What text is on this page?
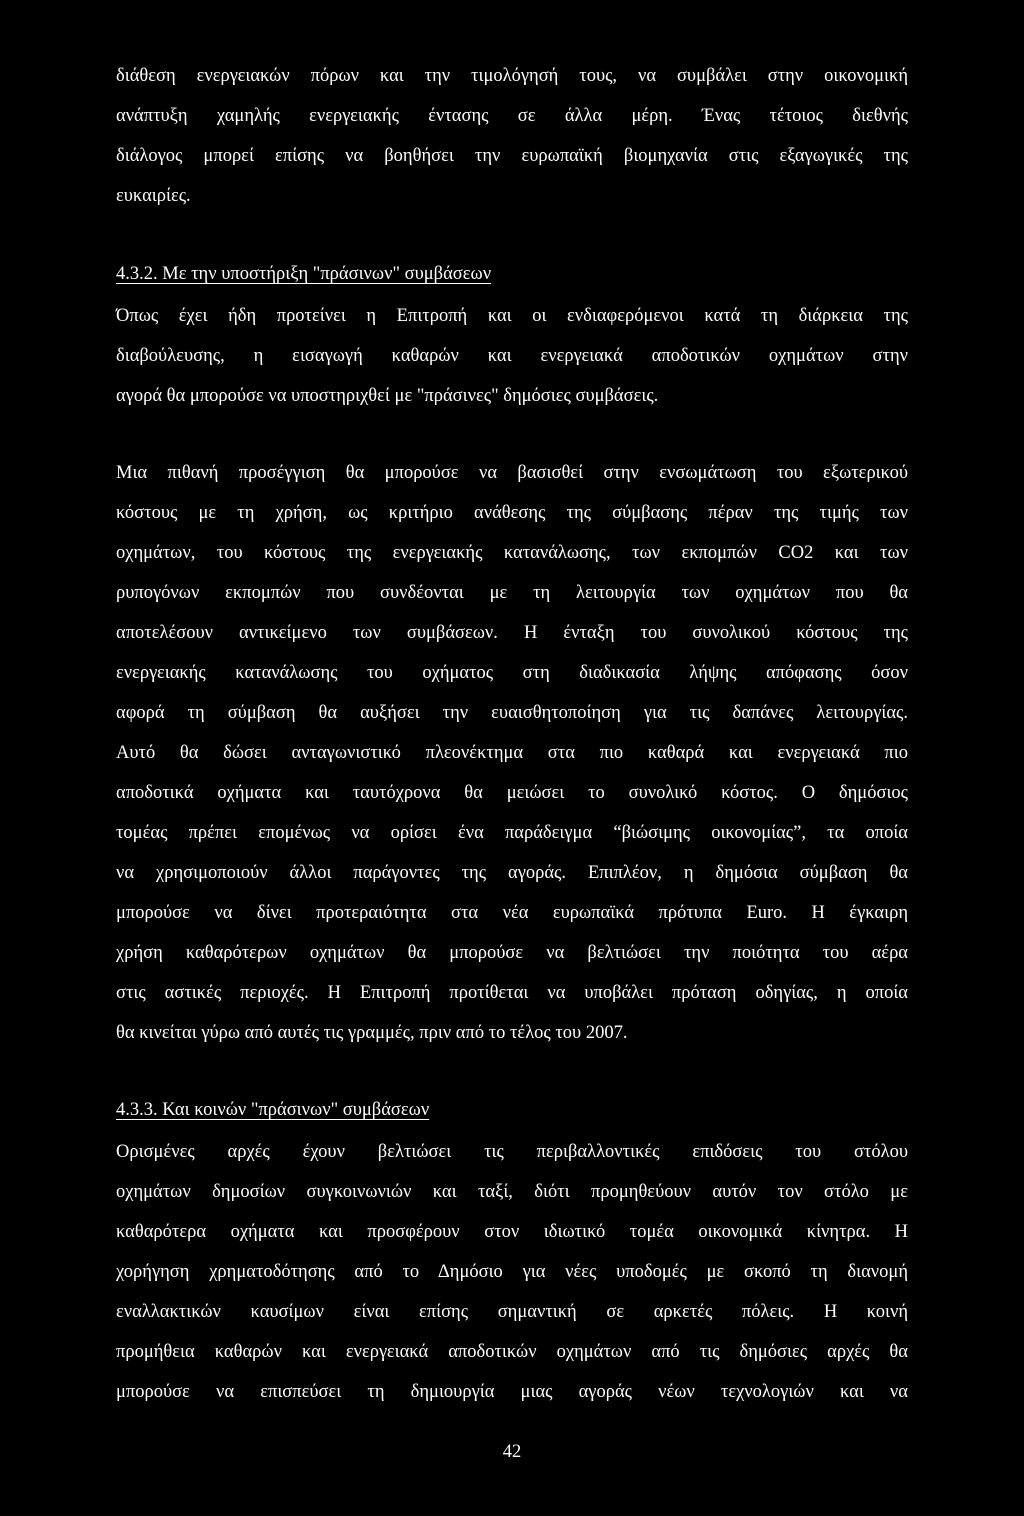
διάθεση ενεργειακών πόρων και την τιμολόγησή τους, να συμβάλει στην οικονομική
ανάπτυξη χαμηλής ενεργειακής έντασης σε άλλα μέρη. Ένας τέτοιος διεθνής
διάλογος μπορεί επίσης να βοηθήσει την ευρωπαϊκή βιομηχανία στις εξαγωγικές της
ευκαιρίες.
4.3.2. Με την υποστήριξη "πράσινων" συμβάσεων
Όπως έχει ήδη προτείνει η Επιτροπή και οι ενδιαφερόμενοι κατά τη διάρκεια της
διαβούλευσης, η εισαγωγή καθαρών και ενεργειακά αποδοτικών οχημάτων στην
αγορά θα μπορούσε να υποστηριχθεί με "πράσινες" δημόσιες συμβάσεις.
Μια πιθανή προσέγγιση θα μπορούσε να βασισθεί στην ενσωμάτωση του εξωτερικού
κόστους με τη χρήση, ως κριτήριο ανάθεσης της σύμβασης πέραν της τιμής των
οχημάτων, του κόστους της ενεργειακής κατανάλωσης, των εκπομπών CO2 και των
ρυπογόνων εκπομπών που συνδέονται με τη λειτουργία των οχημάτων που θα
αποτελέσουν αντικείμενο των συμβάσεων. Η ένταξη του συνολικού κόστους της
ενεργειακής κατανάλωσης του οχήματος στη διαδικασία λήψης απόφασης όσον
αφορά τη σύμβαση θα αυξήσει την ευαισθητοποίηση για τις δαπάνες λειτουργίας.
Αυτό θα δώσει ανταγωνιστικό πλεονέκτημα στα πιο καθαρά και ενεργειακά πιο
αποδοτικά οχήματα και ταυτόχρονα θα μειώσει το συνολικό κόστος. Ο δημόσιος
τομέας πρέπει επομένως να ορίσει ένα παράδειγμα “βιώσιμης οικονομίας”, τα οποία
να χρησιμοποιούν άλλοι παράγοντες της αγοράς. Επιπλέον, η δημόσια σύμβαση θα
μπορούσε να δίνει προτεραιότητα στα νέα ευρωπαϊκά πρότυπα Euro. Η έγκαιρη
χρήση καθαρότερων οχημάτων θα μπορούσε να βελτιώσει την ποιότητα του αέρα
στις αστικές περιοχές. Η Επιτροπή προτίθεται να υποβάλει πρόταση οδηγίας, η οποία
θα κινείται γύρω από αυτές τις γραμμές, πριν από το τέλος του 2007.
4.3.3. Και κοινών "πράσινων" συμβάσεων
Ορισμένες αρχές έχουν βελτιώσει τις περιβαλλοντικές επιδόσεις του στόλου
οχημάτων δημοσίων συγκοινωνιών και ταξί, διότι προμηθεύουν αυτόν τον στόλο με
καθαρότερα οχήματα και προσφέρουν στον ιδιωτικό τομέα οικονομικά κίνητρα. Η
χορήγηση χρηματοδότησης από το Δημόσιο για νέες υποδομές με σκοπό τη διανομή
εναλλακτικών καυσίμων είναι επίσης σημαντική σε αρκετές πόλεις. Η κοινή
προμήθεια καθαρών και ενεργειακά αποδοτικών οχημάτων από τις δημόσιες αρχές θα
μπορούσε να επισπεύσει τη δημιουργία μιας αγοράς νέων τεχνολογιών και να
42
